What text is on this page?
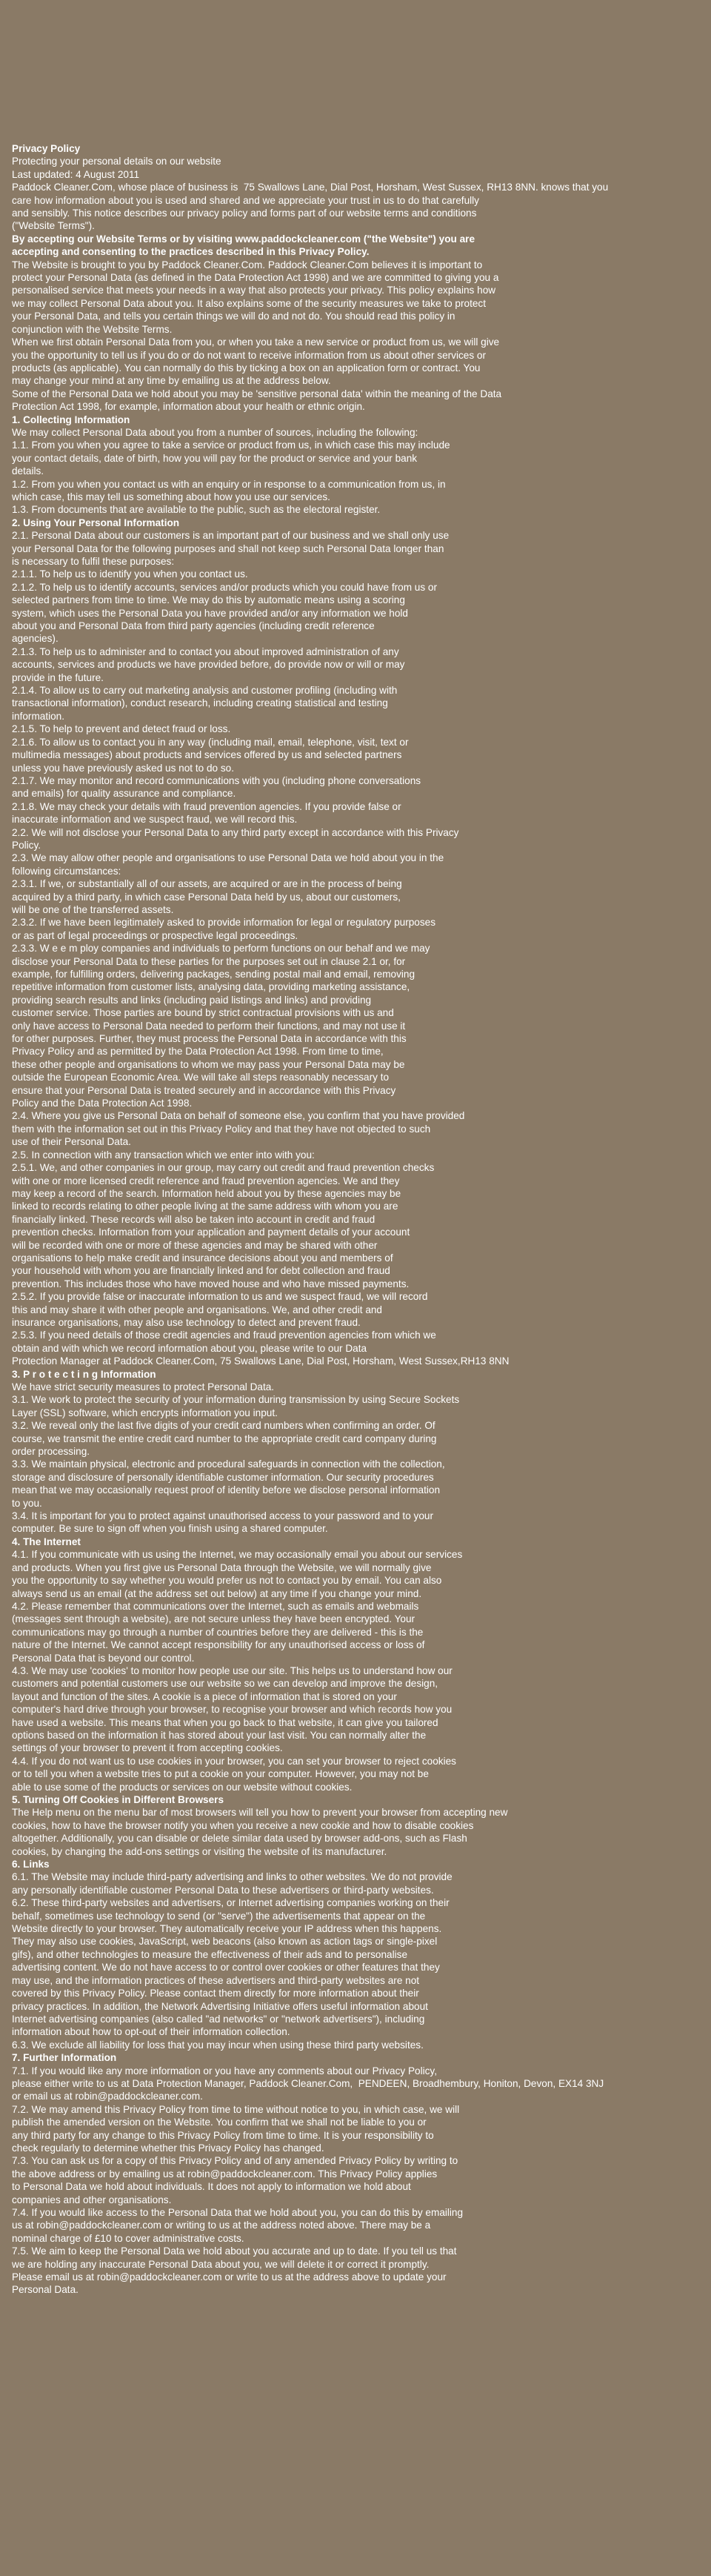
Privacy Policy
Protecting your personal details on our website
Last updated: 4 August 2011
Paddock Cleaner.Com, whose place of business is  75 Swallows Lane, Dial Post, Horsham, West Sussex, RH13 8NN. knows that you
care how information about you is used and shared and we appreciate your trust in us to do that carefully
and sensibly. This notice describes our privacy policy and forms part of our website terms and conditions
("Website Terms").
By accepting our Website Terms or by visiting www.paddockcleaner.com ("the Website") you are
accepting and consenting to the practices described in this Privacy Policy.
The Website is brought to you by Paddock Cleaner.Com. Paddock Cleaner.Com believes it is important to
protect your Personal Data (as defined in the Data Protection Act 1998) and we are committed to giving you a
personalised service that meets your needs in a way that also protects your privacy. This policy explains how
we may collect Personal Data about you. It also explains some of the security measures we take to protect
your Personal Data, and tells you certain things we will do and not do. You should read this policy in
conjunction with the Website Terms.
When we first obtain Personal Data from you, or when you take a new service or product from us, we will give
you the opportunity to tell us if you do or do not want to receive information from us about other services or
products (as applicable). You can normally do this by ticking a box on an application form or contract. You
may change your mind at any time by emailing us at the address below.
Some of the Personal Data we hold about you may be 'sensitive personal data' within the meaning of the Data
Protection Act 1998, for example, information about your health or ethnic origin.
1. Collecting Information
We may collect Personal Data about you from a number of sources, including the following:
1.1. From you when you agree to take a service or product from us, in which case this may include
your contact details, date of birth, how you will pay for the product or service and your bank
details.
1.2. From you when you contact us with an enquiry or in response to a communication from us, in
which case, this may tell us something about how you use our services.
1.3. From documents that are available to the public, such as the electoral register.
2. Using Your Personal Information
2.1. Personal Data about our customers is an important part of our business and we shall only use
your Personal Data for the following purposes and shall not keep such Personal Data longer than
is necessary to fulfil these purposes:
2.1.1. To help us to identify you when you contact us.
2.1.2. To help us to identify accounts, services and/or products which you could have from us or
selected partners from time to time. We may do this by automatic means using a scoring
system, which uses the Personal Data you have provided and/or any information we hold
about you and Personal Data from third party agencies (including credit reference
agencies).
2.1.3. To help us to administer and to contact you about improved administration of any
accounts, services and products we have provided before, do provide now or will or may
provide in the future.
2.1.4. To allow us to carry out marketing analysis and customer profiling (including with
transactional information), conduct research, including creating statistical and testing
information.
2.1.5. To help to prevent and detect fraud or loss.
2.1.6. To allow us to contact you in any way (including mail, email, telephone, visit, text or
multimedia messages) about products and services offered by us and selected partners
unless you have previously asked us not to do so.
2.1.7. We may monitor and record communications with you (including phone conversations
and emails) for quality assurance and compliance.
2.1.8. We may check your details with fraud prevention agencies. If you provide false or
inaccurate information and we suspect fraud, we will record this.
2.2. We will not disclose your Personal Data to any third party except in accordance with this Privacy
Policy.
2.3. We may allow other people and organisations to use Personal Data we hold about you in the
following circumstances:
2.3.1. If we, or substantially all of our assets, are acquired or are in the process of being
acquired by a third party, in which case Personal Data held by us, about our customers,
will be one of the transferred assets.
2.3.2. If we have been legitimately asked to provide information for legal or regulatory purposes
or as part of legal proceedings or prospective legal proceedings.
2.3.3. W e e m ploy companies and individuals to perform functions on our behalf and we may
disclose your Personal Data to these parties for the purposes set out in clause 2.1 or, for
example, for fulfilling orders, delivering packages, sending postal mail and email, removing
repetitive information from customer lists, analysing data, providing marketing assistance,
providing search results and links (including paid listings and links) and providing
customer service. Those parties are bound by strict contractual provisions with us and
only have access to Personal Data needed to perform their functions, and may not use it
for other purposes. Further, they must process the Personal Data in accordance with this
Privacy Policy and as permitted by the Data Protection Act 1998. From time to time,
these other people and organisations to whom we may pass your Personal Data may be
outside the European Economic Area. We will take all steps reasonably necessary to
ensure that your Personal Data is treated securely and in accordance with this Privacy
Policy and the Data Protection Act 1998.
2.4. Where you give us Personal Data on behalf of someone else, you confirm that you have provided
them with the information set out in this Privacy Policy and that they have not objected to such
use of their Personal Data.
2.5. In connection with any transaction which we enter into with you:
2.5.1. We, and other companies in our group, may carry out credit and fraud prevention checks
with one or more licensed credit reference and fraud prevention agencies. We and they
may keep a record of the search. Information held about you by these agencies may be
linked to records relating to other people living at the same address with whom you are
financially linked. These records will also be taken into account in credit and fraud
prevention checks. Information from your application and payment details of your account
will be recorded with one or more of these agencies and may be shared with other
organisations to help make credit and insurance decisions about you and members of
your household with whom you are financially linked and for debt collection and fraud
prevention. This includes those who have moved house and who have missed payments.
2.5.2. If you provide false or inaccurate information to us and we suspect fraud, we will record
this and may share it with other people and organisations. We, and other credit and
insurance organisations, may also use technology to detect and prevent fraud.
2.5.3. If you need details of those credit agencies and fraud prevention agencies from which we
obtain and with which we record information about you, please write to our Data
Protection Manager at Paddock Cleaner.Com, 75 Swallows Lane, Dial Post, Horsham, West Sussex,RH13 8NN
3. P r o t e c t i n g Information
We have strict security measures to protect Personal Data.
3.1. We work to protect the security of your information during transmission by using Secure Sockets
Layer (SSL) software, which encrypts information you input.
3.2. We reveal only the last five digits of your credit card numbers when confirming an order. Of
course, we transmit the entire credit card number to the appropriate credit card company during
order processing.
3.3. We maintain physical, electronic and procedural safeguards in connection with the collection,
storage and disclosure of personally identifiable customer information. Our security procedures
mean that we may occasionally request proof of identity before we disclose personal information
to you.
3.4. It is important for you to protect against unauthorised access to your password and to your
computer. Be sure to sign off when you finish using a shared computer.
4. The Internet
4.1. If you communicate with us using the Internet, we may occasionally email you about our services
and products. When you first give us Personal Data through the Website, we will normally give
you the opportunity to say whether you would prefer us not to contact you by email. You can also
always send us an email (at the address set out below) at any time if you change your mind.
4.2. Please remember that communications over the Internet, such as emails and webmails
(messages sent through a website), are not secure unless they have been encrypted. Your
communications may go through a number of countries before they are delivered - this is the
nature of the Internet. We cannot accept responsibility for any unauthorised access or loss of
Personal Data that is beyond our control.
4.3. We may use 'cookies' to monitor how people use our site. This helps us to understand how our
customers and potential customers use our website so we can develop and improve the design,
layout and function of the sites. A cookie is a piece of information that is stored on your
computer's hard drive through your browser, to recognise your browser and which records how you
have used a website. This means that when you go back to that website, it can give you tailored
options based on the information it has stored about your last visit. You can normally alter the
settings of your browser to prevent it from accepting cookies.
4.4. If you do not want us to use cookies in your browser, you can set your browser to reject cookies
or to tell you when a website tries to put a cookie on your computer. However, you may not be
able to use some of the products or services on our website without cookies.
5. Turning Off Cookies in Different Browsers
The Help menu on the menu bar of most browsers will tell you how to prevent your browser from accepting new
cookies, how to have the browser notify you when you receive a new cookie and how to disable cookies
altogether. Additionally, you can disable or delete similar data used by browser add-ons, such as Flash
cookies, by changing the add-ons settings or visiting the website of its manufacturer.
6. Links
6.1. The Website may include third-party advertising and links to other websites. We do not provide
any personally identifiable customer Personal Data to these advertisers or third-party websites.
6.2. These third-party websites and advertisers, or Internet advertising companies working on their
behalf, sometimes use technology to send (or "serve") the advertisements that appear on the
Website directly to your browser. They automatically receive your IP address when this happens.
They may also use cookies, JavaScript, web beacons (also known as action tags or single-pixel
gifs), and other technologies to measure the effectiveness of their ads and to personalise
advertising content. We do not have access to or control over cookies or other features that they
may use, and the information practices of these advertisers and third-party websites are not
covered by this Privacy Policy. Please contact them directly for more information about their
privacy practices. In addition, the Network Advertising Initiative offers useful information about
Internet advertising companies (also called "ad networks" or "network advertisers"), including
information about how to opt-out of their information collection.
6.3. We exclude all liability for loss that you may incur when using these third party websites.
7. Further Information
7.1. If you would like any more information or you have any comments about our Privacy Policy,
please either write to us at Data Protection Manager, Paddock Cleaner.Com,  PENDEEN, Broadhembury, Honiton, Devon, EX14 3NJ
or email us at robin@paddockcleaner.com.
7.2. We may amend this Privacy Policy from time to time without notice to you, in which case, we will
publish the amended version on the Website. You confirm that we shall not be liable to you or
any third party for any change to this Privacy Policy from time to time. It is your responsibility to
check regularly to determine whether this Privacy Policy has changed.
7.3. You can ask us for a copy of this Privacy Policy and of any amended Privacy Policy by writing to
the above address or by emailing us at robin@paddockcleaner.com. This Privacy Policy applies
to Personal Data we hold about individuals. It does not apply to information we hold about
companies and other organisations.
7.4. If you would like access to the Personal Data that we hold about you, you can do this by emailing
us at robin@paddockcleaner.com or writing to us at the address noted above. There may be a
nominal charge of £10 to cover administrative costs.
7.5. We aim to keep the Personal Data we hold about you accurate and up to date. If you tell us that
we are holding any inaccurate Personal Data about you, we will delete it or correct it promptly.
Please email us at robin@paddockcleaner.com or write to us at the address above to update your
Personal Data.
